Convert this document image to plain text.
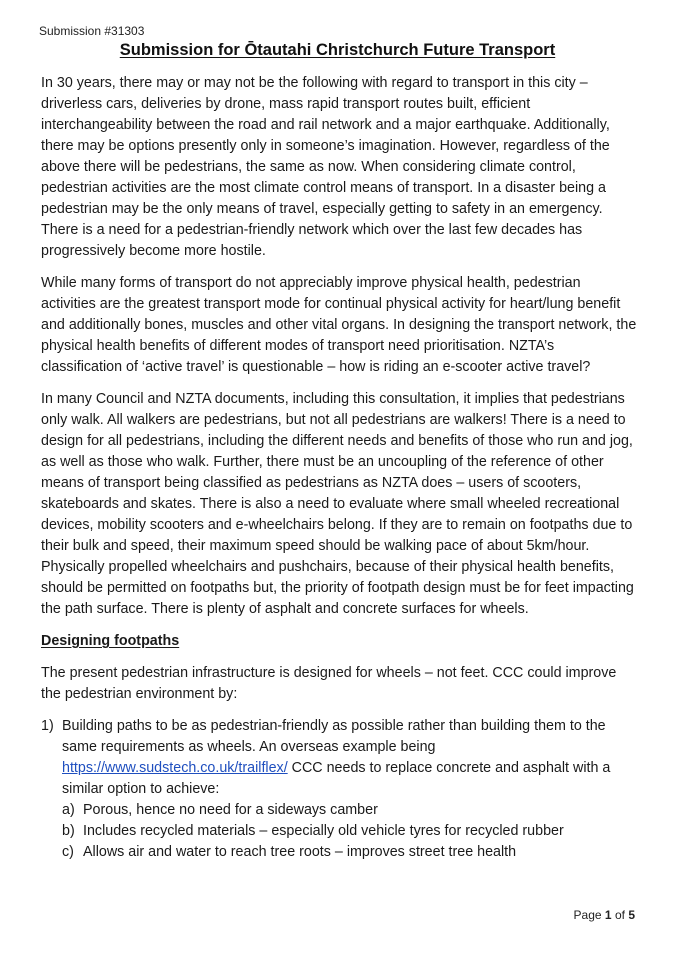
Submission #31303
Submission for Ōtautahi Christchurch Future Transport

In 30 years, there may or may not be the following with regard to transport in this city – driverless cars, deliveries by drone, mass rapid transport routes built, efficient interchangeability between the road and rail network and a major earthquake. Additionally, there may be options presently only in someone’s imagination. However, regardless of the above there will be pedestrians, the same as now. When considering climate control, pedestrian activities are the most climate control means of transport. In a disaster being a pedestrian may be the only means of travel, especially getting to safety in an emergency. There is a need for a pedestrian-friendly network which over the last few decades has progressively become more hostile.

While many forms of transport do not appreciably improve physical health, pedestrian activities are the greatest transport mode for continual physical activity for heart/lung benefit and additionally bones, muscles and other vital organs. In designing the transport network, the physical health benefits of different modes of transport need prioritisation. NZTA’s classification of ‘active travel’ is questionable – how is riding an e-scooter active travel?

In many Council and NZTA documents, including this consultation, it implies that pedestrians only walk. All walkers are pedestrians, but not all pedestrians are walkers! There is a need to design for all pedestrians, including the different needs and benefits of those who run and jog, as well as those who walk. Further, there must be an uncoupling of the reference of other means of transport being classified as pedestrians as NZTA does – users of scooters, skateboards and skates. There is also a need to evaluate where small wheeled recreational devices, mobility scooters and e-wheelchairs belong. If they are to remain on footpaths due to their bulk and speed, their maximum speed should be walking pace of about 5km/hour. Physically propelled wheelchairs and pushchairs, because of their physical health benefits, should be permitted on footpaths but, the priority of footpath design must be for feet impacting the path surface. There is plenty of asphalt and concrete surfaces for wheels.

Designing footpaths

The present pedestrian infrastructure is designed for wheels – not feet. CCC could improve the pedestrian environment by:

1) Building paths to be as pedestrian-friendly as possible rather than building them to the same requirements as wheels. An overseas example being
https://www.sudstech.co.uk/trailflex/ CCC needs to replace concrete and asphalt with a similar option to achieve:
a) Porous, hence no need for a sideways camber
b) Includes recycled materials – especially old vehicle tyres for recycled rubber
c) Allows air and water to reach tree roots – improves street tree health
Page 1 of 5
